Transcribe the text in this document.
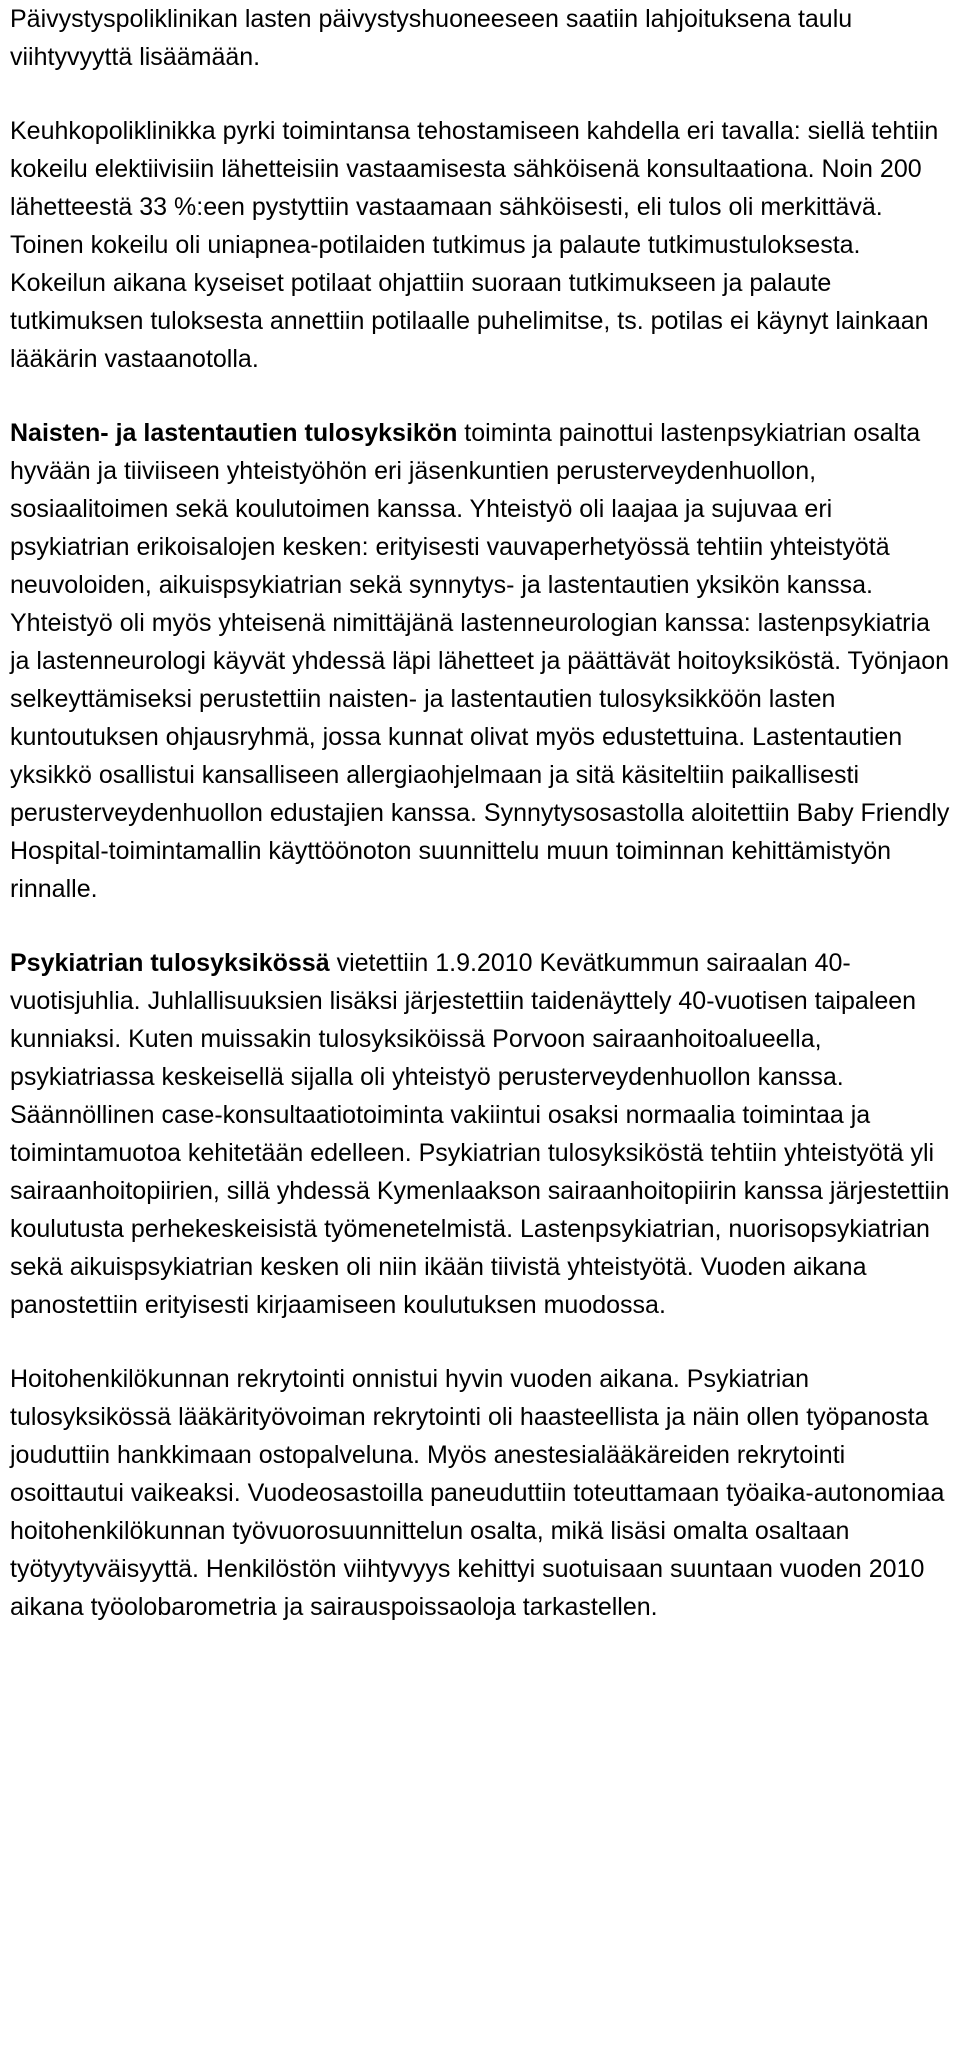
Päivystyspoliklinikan lasten päivystyshuoneeseen saatiin lahjoituksena taulu viihtyvyyttä lisäämään.

Keuhkopoliklinikka pyrki toimintansa tehostamiseen kahdella eri tavalla: siellä tehtiin kokeilu elektiivisiin lähetteisiin vastaamisesta sähköisenä konsultaationa. Noin 200 lähetteestä 33 %:een pystyttiin vastaamaan sähköisesti, eli tulos oli merkittävä. Toinen kokeilu oli uniapnea-potilaiden tutkimus ja palaute tutkimustuloksesta. Kokeilun aikana kyseiset potilaat ohjattiin suoraan tutkimukseen ja palaute tutkimuksen tuloksesta annettiin potilaalle puhelimitse, ts. potilas ei käynyt lainkaan lääkärin vastaanotolla.

Naisten- ja lastentautien tulosyksikön toiminta painottui lastenpsykiatrian osalta hyvään ja tiiviiseen yhteistyöhön eri jäsenkuntien perusterveydenhuollon, sosiaalitoimen sekä koulutoimen kanssa. Yhteistyö oli laajaa ja sujuvaa eri psykiatrian erikoisalojen kesken: erityisesti vauvaperhetyössä tehtiin yhteistyötä neuvoloiden, aikuispsykiatrian sekä synnytys- ja lastentautien yksikön kanssa. Yhteistyö oli myös yhteisenä nimittäjänä lastenneurologian kanssa: lastenpsykiatria ja lastenneurologi käyvät yhdessä läpi lähetteet ja päättävät hoitoyksiköstä. Työnjaon selkeyttämiseksi perustettiin naisten- ja lastentautien tulosyksikköön lasten kuntoutuksen ohjausryhmä, jossa kunnat olivat myös edustettuina. Lastentautien yksikkö osallistui kansalliseen allergiaohjelmaan ja sitä käsiteltiin paikallisesti perusterveydenhuollon edustajien kanssa. Synnytysosastolla aloitettiin Baby Friendly Hospital-toimintamallin käyttöönoton suunnittelu muun toiminnan kehittämistyön rinnalle.

Psykiatrian tulosyksikössä vietettiin 1.9.2010 Kevätkummun sairaalan 40-vuotisjuhlia. Juhlallisuuksien lisäksi järjestettiin taidenäyttely 40-vuotisen taipaleen kunniaksi. Kuten muissakin tulosyksiköissä Porvoon sairaanhoitoalueella, psykiatriassa keskeisellä sijalla oli yhteistyö perusterveydenhuollon kanssa. Säännöllinen case-konsultaatiotoiminta vakiintui osaksi normaalia toimintaa ja toimintamuotoa kehitetään edelleen. Psykiatrian tulosyksiköstä tehtiin yhteistyötä yli sairaanhoitopiirien, sillä yhdessä Kymenlaakson sairaanhoitopiirin kanssa järjestettiin koulutusta perhekeskeisistä työmenetelmistä. Lastenpsykiatrian, nuorisopsykiatrian sekä aikuispsykiatrian kesken oli niin ikään tiivistä yhteistyötä. Vuoden aikana panostettiin erityisesti kirjaamiseen koulutuksen muodossa.

Hoitohenkilökunnan rekrytointi onnistui hyvin vuoden aikana. Psykiatrian tulosyksikössä lääkärityövoiman rekrytointi oli haasteellista ja näin ollen työpanosta jouduttiin hankkimaan ostopalveluna. Myös anestesialääkäreiden rekrytointi osoittautui vaikeaksi. Vuodeosastoilla paneuduttiin toteuttamaan työaika-autonomiaa hoitohenkilökunnan työvuorosuunnittelun osalta, mikä lisäsi omalta osaltaan työtyytyväisyyttä. Henkilöstön viihtyvyys kehittyi suotuisaan suuntaan vuoden 2010 aikana työolobarometria ja sairauspoissaoloja tarkastellen.
